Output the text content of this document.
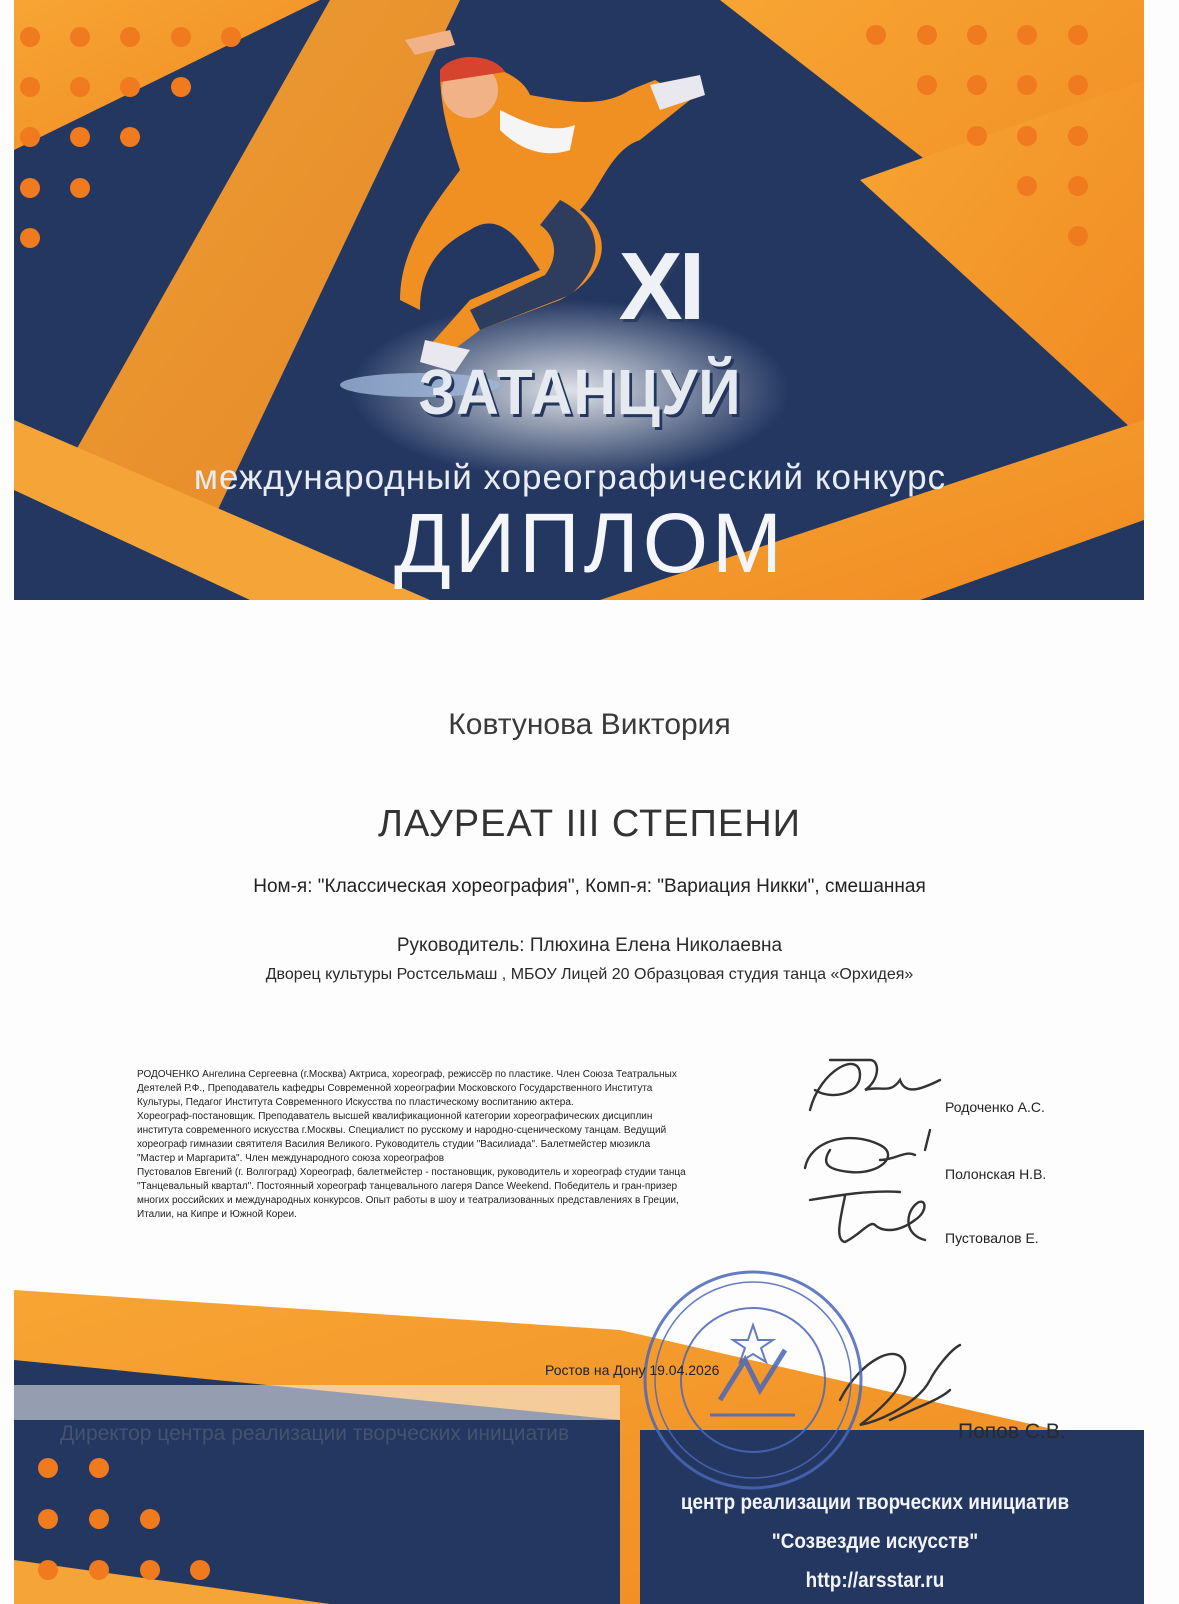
XI
ЗАТАНЦУЙ
международный хореографический конкурс
ДИПЛОМ
Ковтунова Виктория
ЛАУРЕАТ III СТЕПЕНИ
Ном-я: "Классическая хореография", Комп-я: "Вариация Никки", смешанная
Руководитель: Плюхина Елена Николаевна
Дворец культуры Ростсельмаш , МБОУ Лицей 20 Образцовая студия танца «Орхидея»

РОДОЧЕНКО Ангелина Сергеевна (г.Москва) Актриса, хореограф, режиссёр по пластике. Член Союза Театральных

Деятелей Р.Ф., Преподаватель кафедры Современной хореографии Московского Государственного Института

Культуры, Педагог Института Современного Искусства по пластическому воспитанию актера.

Хореограф-постановщик. Преподаватель высшей квалификационной категории хореографических дисциплин

института современного искусства г.Москвы. Специалист по русскому и народно-сценическому танцам. Ведущий

хореограф гимназии святителя Василия Великого. Руководитель студии "Василиада". Балетмейстер мюзикла

"Мастер и Маргарита". Член международного союза хореографов

Пустовалов Евгений (г. Волгоград) Хореограф, балетмейстер - постановщик, руководитель и хореограф студии танца

"Танцевальный квартал". Постоянный хореограф танцевального лагеря Dance Weekend. Победитель и гран-призер

многих российских и международных конкурсов. Опыт работы в шоу и театрализованных представлениях в Греции,

Италии, на Кипре и Южной Кореи.

Родоченко А.С.
Полонская Н.В.
Пустовалов Е.
Ростов на Дону 19.04.2026
Директор центра реализации творческих инициатив	Попов С.В.
центр реализации творческих инициатив
"Созвездие искусств"
http://arsstar.ru
